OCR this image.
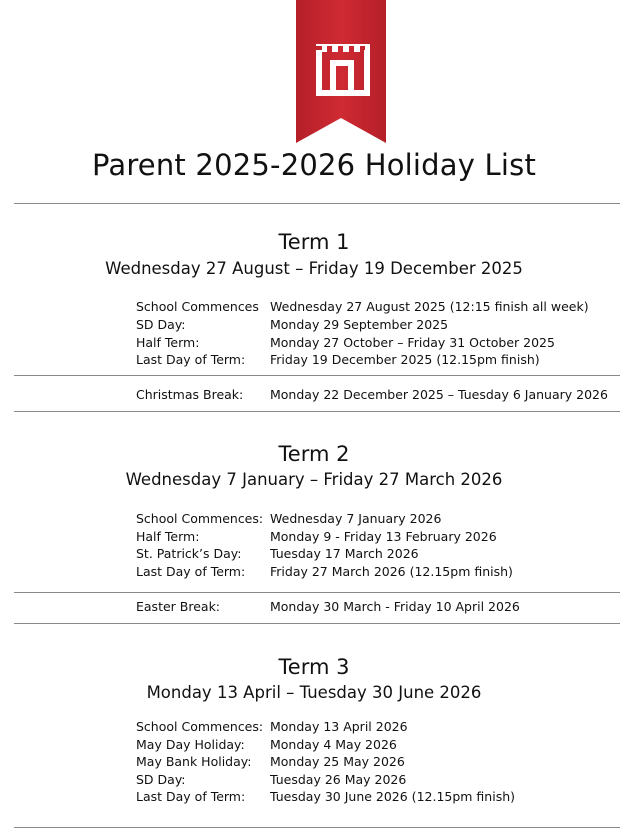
Parent 2025-2026 Holiday List
Term 1
Wednesday 27 August – Friday 19 December 2025
School Commences Wednesday 27 August 2025 (12:15 finish all week)
SD Day:	Monday 29 September 2025
Half Term:	Monday 27 October – Friday 31 October 2025
Last Day of Term: Friday 19 December 2025 (12.15pm finish)
Christmas Break: Monday 22 December 2025 – Tuesday 6 January 2026
Term 2
Wednesday 7 January – Friday 27 March 2026
School Commences: Wednesday 7 January 2026
Half Term:	Monday 9 - Friday 13 February 2026
St. Patrick’s Day: Tuesday 17 March 2026
Last Day of Term: Friday 27 March 2026 (12.15pm finish)
Easter Break:	Monday 30 March - Friday 10 April 2026
Term 3
Monday 13 April – Tuesday 30 June 2026
School Commences: Monday 13 April 2026
May Day Holiday: Monday 4 May 2026
May Bank Holiday: Monday 25 May 2026
SD Day:	Tuesday 26 May 2026
Last Day of Term: Tuesday 30 June 2026 (12.15pm finish)
